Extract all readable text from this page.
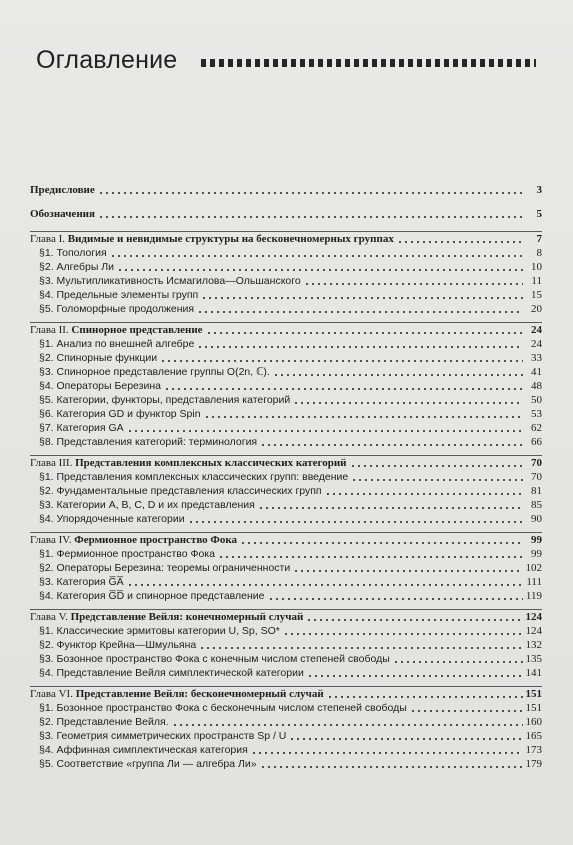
Оглавление
Предисловие	3
Обозначения	5
Глава I. Видимые и невидимые структуры на бесконечномерных группах	7
§1. Топология	8
§2. Алгебры Ли	10
§3. Мультипликативность Исмагилова—Ольшанского	11
§4. Предельные элементы групп	15
§5. Голоморфные продолжения	20
Глава II. Спинорное представление	24
§1. Анализ по внешней алгебре	24
§2. Спинорные функции	33
§3. Спинорное представление группы O(2n, ℂ).	41
§4. Операторы Березина	48
§5. Категории, функторы, представления категорий	50
§6. Категория GD и функтор Spin	53
§7. Категория GA	62
§8. Представления категорий: терминология	66
Глава III. Представления комплексных классических категорий	70
§1. Представления комплексных классических групп: введение	70
§2. Фундаментальные представления классических групп	81
§3. Категории A, B, C, D и их представления	85
§4. Упорядоченные категории	90
Глава IV. Фермионное пространство Фока	99
§1. Фермионное пространство Фока	99
§2. Операторы Березина: теоремы ограниченности	102
§3. Категория G̅A̅	111
§4. Категория G̅D̅ и спинорное представление	119
Глава V. Представление Вейля: конечномерный случай	124
§1. Классические эрмитовы категории U, Sp, SO*	124
§2. Функтор Крейна—Шмульяна	132
§3. Бозонное пространство Фока с конечным числом степеней свободы	135
§4. Представление Вейля симплектической категории	141
Глава VI. Представление Вейля: бесконечномерный случай	151
§1. Бозонное пространство Фока с бесконечным числом степеней свободы	151
§2. Представление Вейля.	160
§3. Геометрия симметрических пространств Sp / U	165
§4. Аффинная симплектическая категория	173
§5. Соответствие «группа Ли — алгебра Ли»	179
